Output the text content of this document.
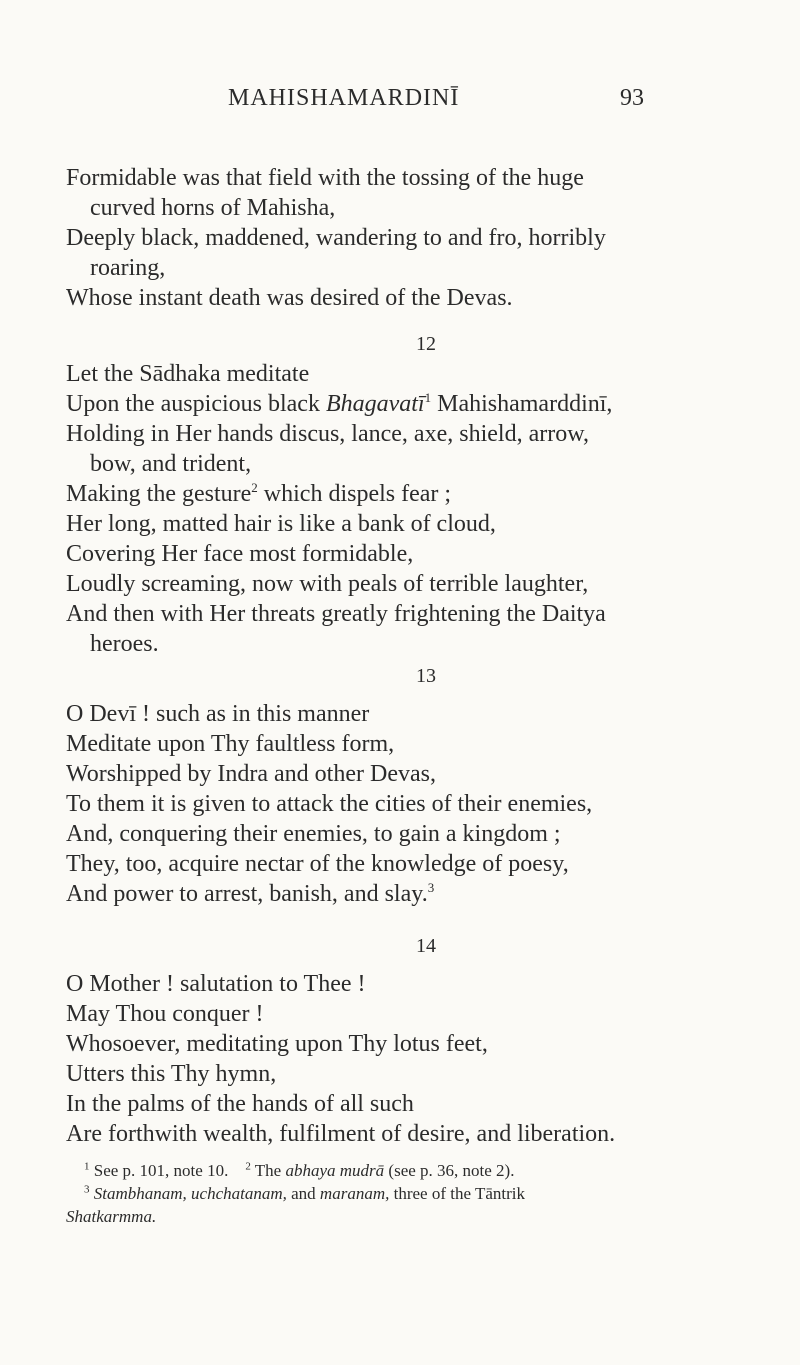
MAHISHAMARDINĪ	93
Formidable was that field with the tossing of the huge
curved horns of Mahisha,
Deeply black, maddened, wandering to and fro, horribly
roaring,
Whose instant death was desired of the Devas.
12
Let the Sādhaka meditate
Upon the auspicious black Bhagavatī$^1$ Mahishamarddinī,
Holding in Her hands discus, lance, axe, shield, arrow,
bow, and trident,
Making the gesture$^2$ which dispels fear ;
Her long, matted hair is like a bank of cloud,
Covering Her face most formidable,
Loudly screaming, now with peals of terrible laughter,
And then with Her threats greatly frightening the Daitya
heroes.
13
O Devī ! such as in this manner
Meditate upon Thy faultless form,
Worshipped by Indra and other Devas,
To them it is given to attack the cities of their enemies,
And, conquering their enemies, to gain a kingdom ;
They, too, acquire nectar of the knowledge of poesy,
And power to arrest, banish, and slay.$^3$
14
O Mother ! salutation to Thee !
May Thou conquer !
Whosoever, meditating upon Thy lotus feet,
Utters this Thy hymn,
In the palms of the hands of all such
Are forthwith wealth, fulfilment of desire, and liberation.
$^1$ See p. 101, note 10. $^2$ The abhaya mudrā (see p. 36, note 2).
$^3$ Stambhanam, uchchatanam, and maranam, three of the Tāntrik
Shatkarmma.
